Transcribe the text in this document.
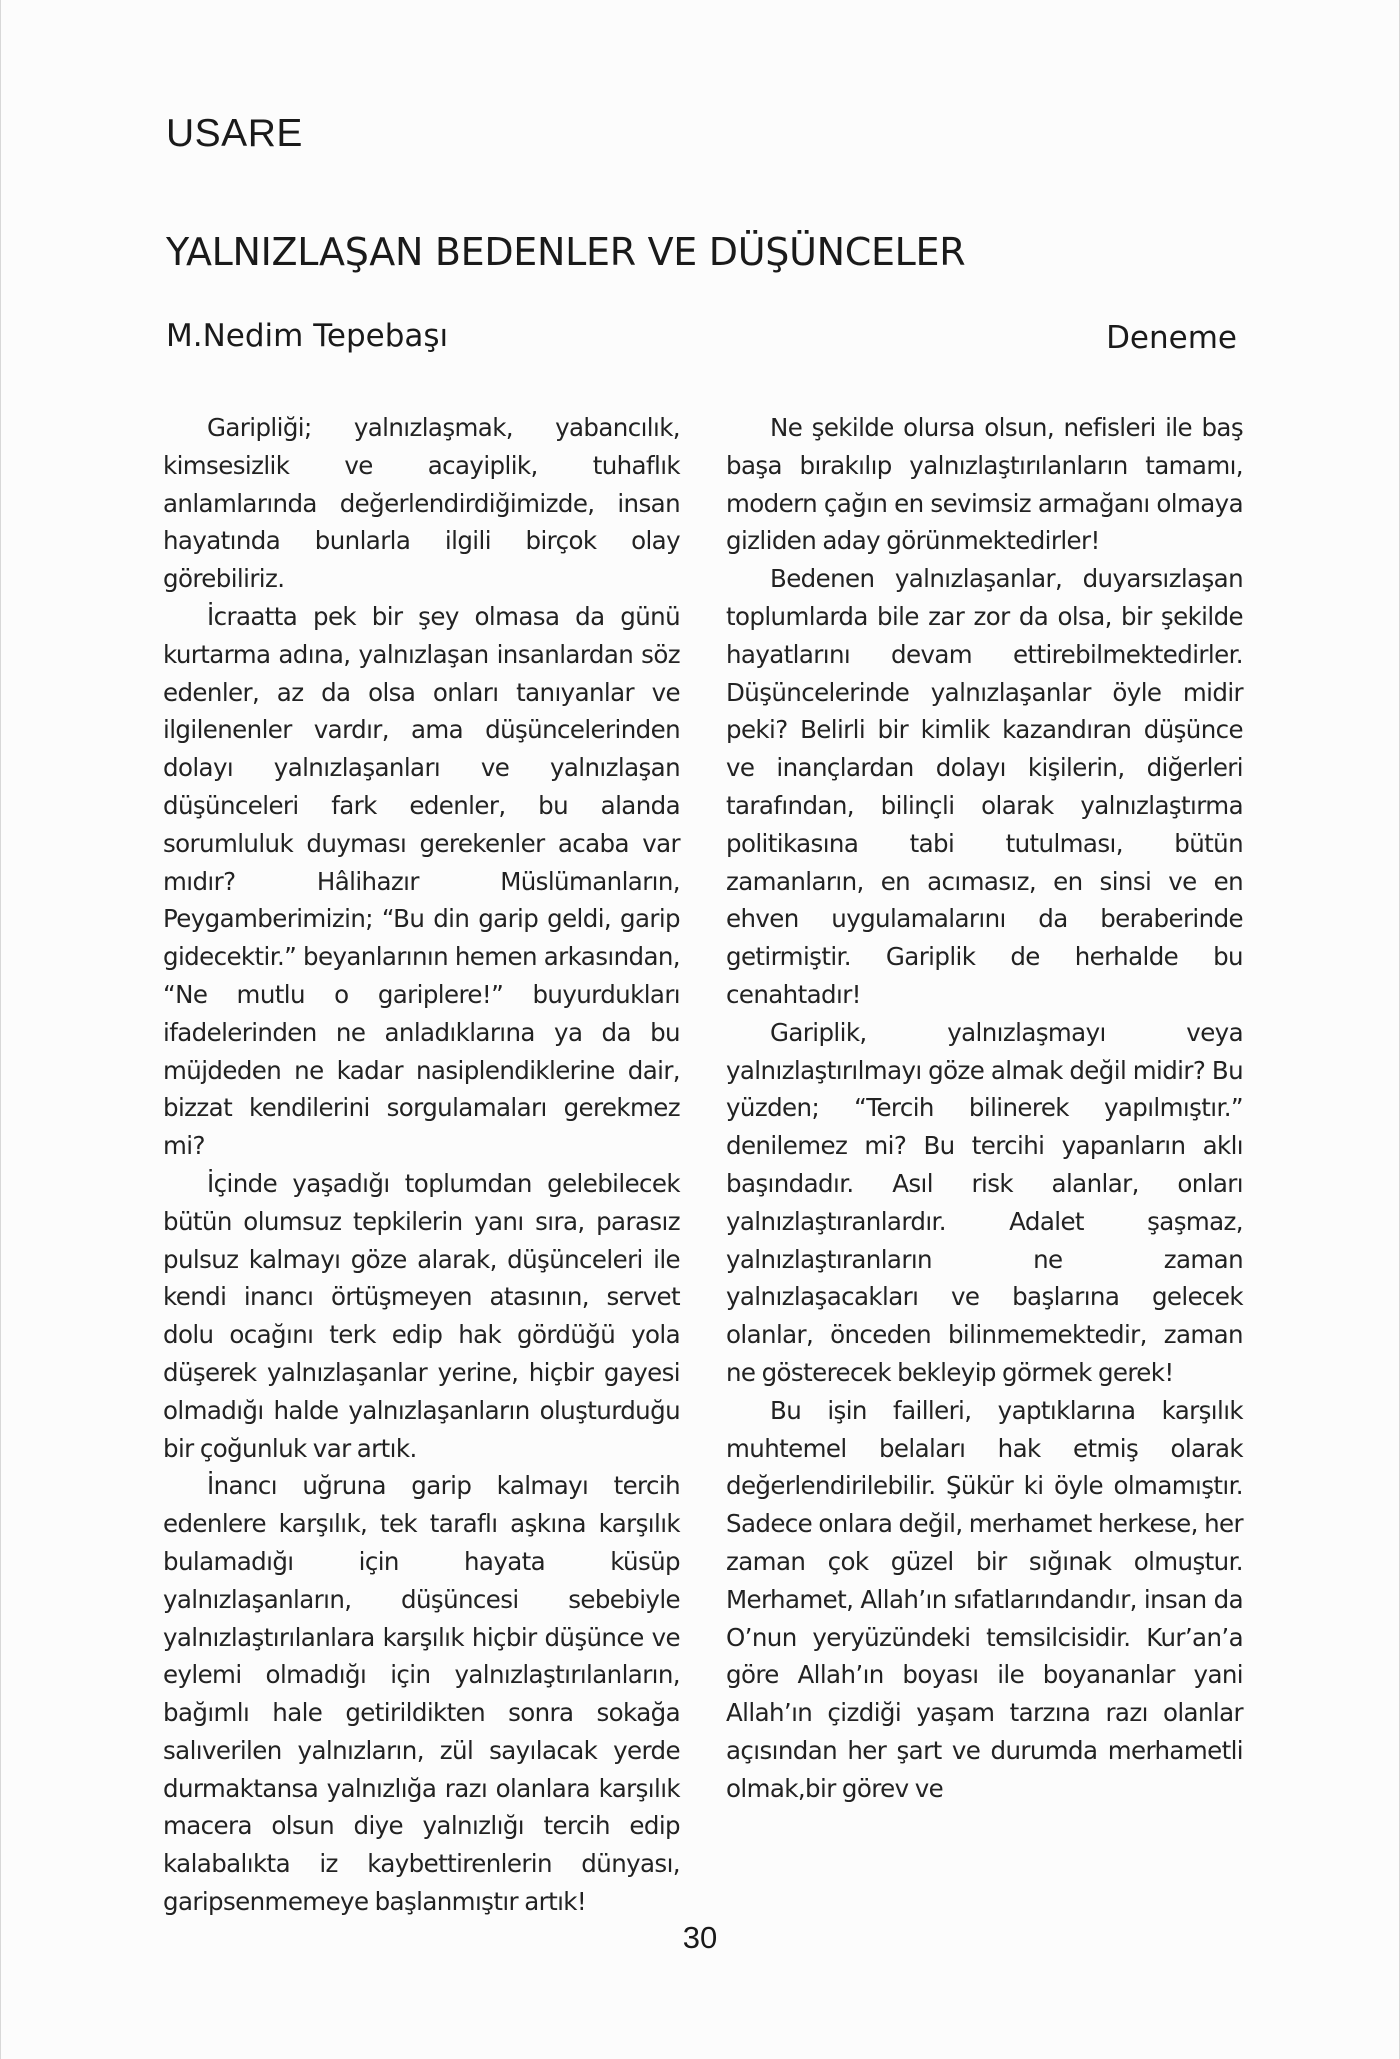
USARE
YALNIZLAŞAN BEDENLER VE DÜŞÜNCELER
M.Nedim Tepebaşı	Deneme

Garipliği; yalnızlaşmak, yabancılık, kimsesizlik ve acayiplik, tuhaflık anlamlarında değerlendirdiğimizde, insan hayatında bunlarla ilgili birçok olay görebiliriz.

İcraatta pek bir şey olmasa da günü kurtarma adına, yalnızlaşan insanlardan söz edenler, az da olsa onları tanıyanlar ve ilgilenenler vardır, ama düşüncelerinden dolayı yalnızlaşanları ve yalnızlaşan düşünceleri fark edenler, bu alanda sorumluluk duyması gerekenler acaba var mıdır? Hâlihazır Müslümanların, Peygamberimizin; “Bu din garip geldi, garip gidecektir.” beyanlarının hemen arkasından, “Ne mutlu o gariplere!” buyurdukları ifadelerinden ne anladıklarına ya da bu müjdeden ne kadar nasiplendiklerine dair, bizzat kendilerini sorgulamaları gerekmez mi?

İçinde yaşadığı toplumdan gelebilecek bütün olumsuz tepkilerin yanı sıra, parasız pulsuz kalmayı göze alarak, düşünceleri ile kendi inancı örtüşmeyen atasının, servet dolu ocağını terk edip hak gördüğü yola düşerek yalnızlaşanlar yerine, hiçbir gayesi olmadığı halde yalnızlaşanların oluşturduğu bir çoğunluk var artık.

İnancı uğruna garip kalmayı tercih edenlere karşılık, tek taraflı aşkına karşılık bulamadığı için hayata küsüp yalnızlaşanların, düşüncesi sebebiyle yalnızlaştırılanlara karşılık hiçbir düşünce ve eylemi olmadığı için yalnızlaştırılanların, bağımlı hale getirildikten sonra sokağa salıverilen yalnızların, zül sayılacak yerde durmaktansa yalnızlığa razı olanlara karşılık macera olsun diye yalnızlığı tercih edip kalabalıkta iz kaybettirenlerin dünyası, garipsenmemeye başlanmıştır artık!

Ne şekilde olursa olsun, nefisleri ile baş başa bırakılıp yalnızlaştırılanların tamamı, modern çağın en sevimsiz armağanı olmaya gizliden aday görünmektedirler!

Bedenen yalnızlaşanlar, duyarsızlaşan toplumlarda bile zar zor da olsa, bir şekilde hayatlarını devam ettirebilmektedirler. Düşüncelerinde yalnızlaşanlar öyle midir peki? Belirli bir kimlik kazandıran düşünce ve inançlardan dolayı kişilerin, diğerleri tarafından, bilinçli olarak yalnızlaştırma politikasına tabi tutulması, bütün zamanların, en acımasız, en sinsi ve en ehven uygulamalarını da beraberinde getirmiştir. Gariplik de herhalde bu cenahtadır!

Gariplik, yalnızlaşmayı veya yalnızlaştırılmayı göze almak değil midir? Bu yüzden; “Tercih bilinerek yapılmıştır.” denilemez mi? Bu tercihi yapanların aklı başındadır. Asıl risk alanlar, onları yalnızlaştıranlardır. Adalet şaşmaz, yalnızlaştıranların ne zaman yalnızlaşacakları ve başlarına gelecek olanlar, önceden bilinmemektedir, zaman ne gösterecek bekleyip görmek gerek!

Bu işin failleri, yaptıklarına karşılık muhtemel belaları hak etmiş olarak değerlendirilebilir. Şükür ki öyle olmamıştır. Sadece onlara değil, merhamet herkese, her zaman çok güzel bir sığınak olmuştur. Merhamet, Allah’ın sıfatlarındandır, insan da O’nun yeryüzündeki temsilcisidir. Kur’an’a göre Allah’ın boyası ile boyananlar yani Allah’ın çizdiği yaşam tarzına razı olanlar açısından her şart ve durumda merhametli olmak,bir görev ve

30
